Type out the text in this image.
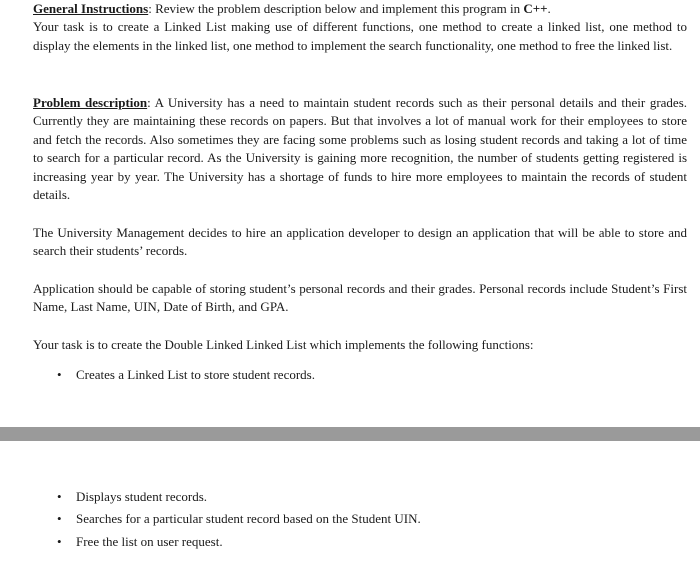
General Instructions: Review the problem description below and implement this program in C++.
Your task is to create a Linked List making use of different functions, one method to create a linked list, one method to display the elements in the linked list, one method to implement the search functionality, one method to free the linked list.

Problem description: A University has a need to maintain student records such as their personal details and their grades. Currently they are maintaining these records on papers. But that involves a lot of manual work for their employees to store and fetch the records. Also sometimes they are facing some problems such as losing student records and taking a lot of time to search for a particular record. As the University is gaining more recognition, the number of students getting registered is increasing year by year. The University has a shortage of funds to hire more employees to maintain the records of student details.

The University Management decides to hire an application developer to design an application that will be able to store and search their students’ records.

Application should be capable of storing student’s personal records and their grades. Personal records include Student’s First Name, Last Name, UIN, Date of Birth, and GPA.

Your task is to create the Double Linked Linked List which implements the following functions:

• Creates a Linked List to store student records.
• Displays student records.
• Searches for a particular student record based on the Student UIN.
• Free the list on user request.
